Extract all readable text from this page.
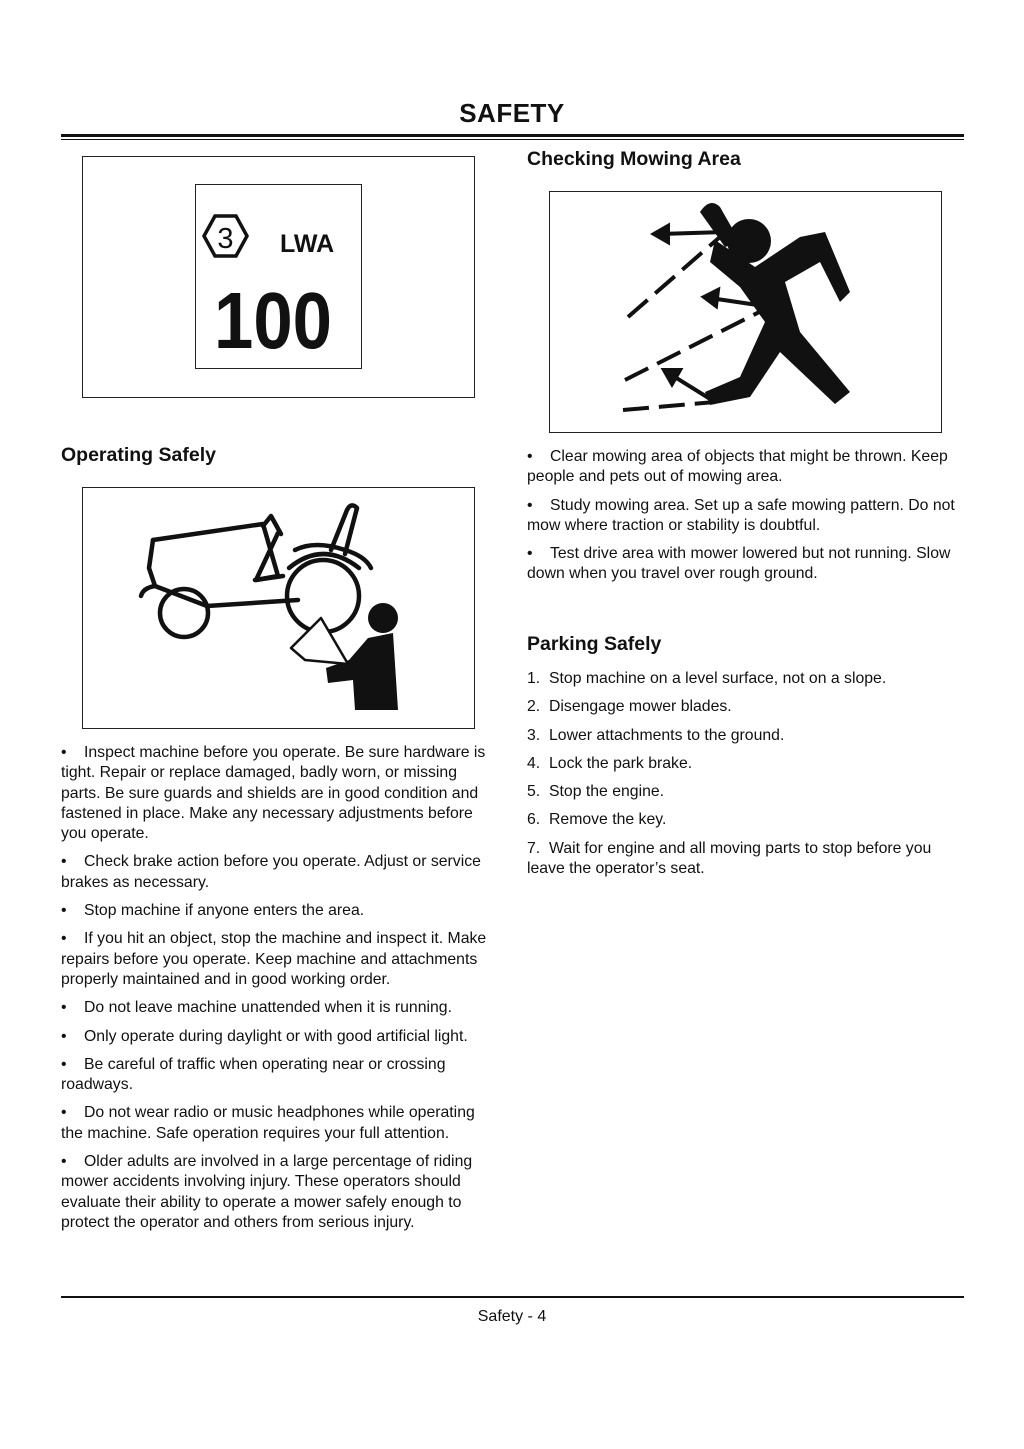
SAFETY
3 LWA
100
Checking Mowing Area
Operating Safely

• Inspect machine before you operate. Be sure hardware is tight. Repair or replace damaged, badly worn, or missing parts. Be sure guards and shields are in good condition and fastened in place. Make any necessary adjustments before you operate.

• Check brake action before you operate. Adjust or service brakes as necessary.

• Stop machine if anyone enters the area.

• If you hit an object, stop the machine and inspect it. Make repairs before you operate. Keep machine and attachments properly maintained and in good working order.

• Do not leave machine unattended when it is running.

• Only operate during daylight or with good artificial light.

• Be careful of traffic when operating near or crossing roadways.

• Do not wear radio or music headphones while operating the machine. Safe operation requires your full attention.

• Older adults are involved in a large percentage of riding mower accidents involving injury. These operators should evaluate their ability to operate a mower safely enough to protect the operator and others from serious injury.

• Clear mowing area of objects that might be thrown. Keep people and pets out of mowing area.

• Study mowing area. Set up a safe mowing pattern. Do not mow where traction or stability is doubtful.

• Test drive area with mower lowered but not running. Slow down when you travel over rough ground.

Parking Safely

1. Stop machine on a level surface, not on a slope.

2. Disengage mower blades.

3. Lower attachments to the ground.

4. Lock the park brake.

5. Stop the engine.

6. Remove the key.

7. Wait for engine and all moving parts to stop before you leave the operator’s seat.

Safety - 4
